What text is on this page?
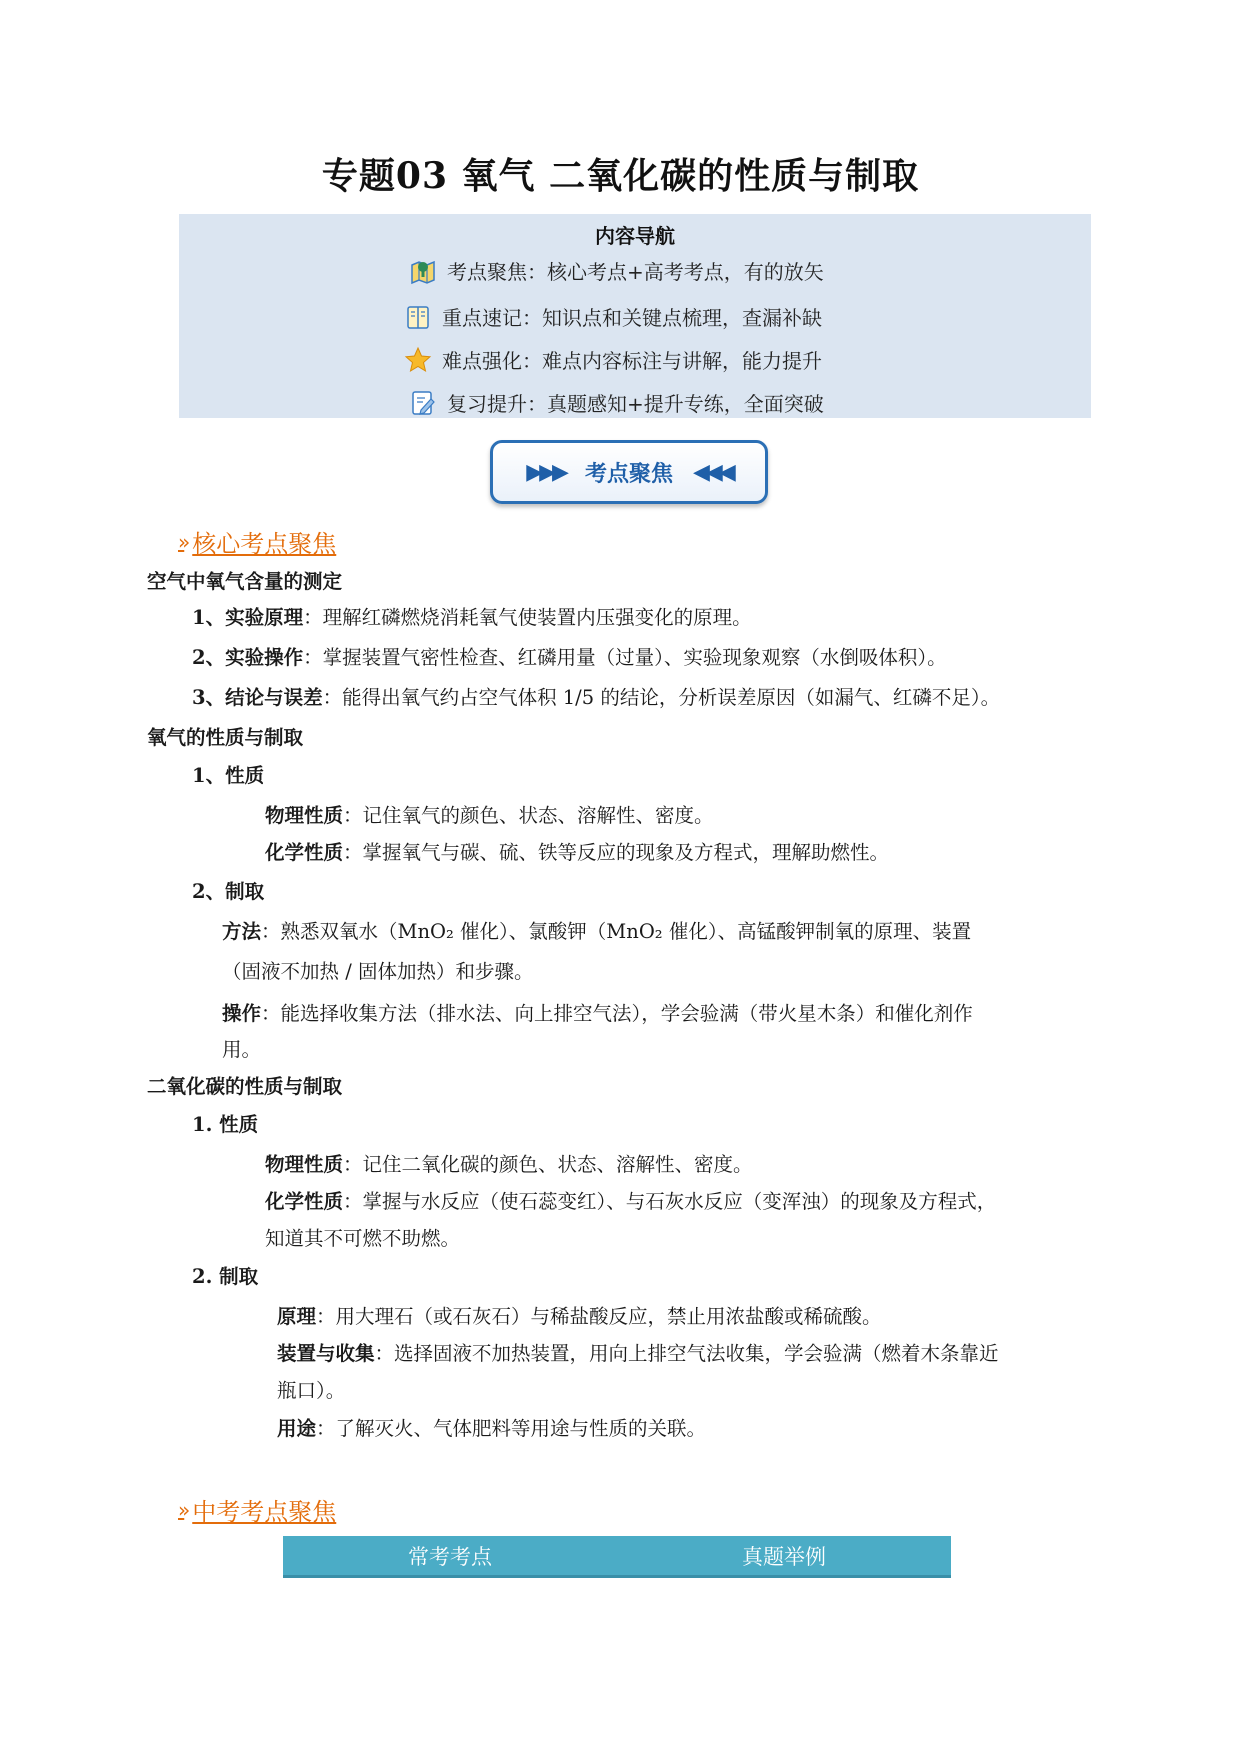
专题03 氧气 二氧化碳的性质与制取
内容导航
考点聚焦：核心考点+高考考点，有的放矢
重点速记：知识点和关键点梳理，查漏补缺
难点强化：难点内容标注与讲解，能力提升
复习提升：真题感知+提升专练，全面突破
▶▶▶ 考点聚焦 ◀◀◀
» 核心考点聚焦
空气中氧气含量的测定
1、实验原理：理解红磷燃烧消耗氧气使装置内压强变化的原理。
2、实验操作：掌握装置气密性检查、红磷用量（过量）、实验现象观察（水倒吸体积）。
3、结论与误差：能得出氧气约占空气体积 1/5 的结论，分析误差原因（如漏气、红磷不足）。
氧气的性质与制取
1、性质
物理性质：记住氧气的颜色、状态、溶解性、密度。
化学性质：掌握氧气与碳、硫、铁等反应的现象及方程式，理解助燃性。
2、制取
方法：熟悉双氧水（MnO₂ 催化）、氯酸钾（MnO₂ 催化）、高锰酸钾制氧的原理、装置
（固液不加热 / 固体加热）和步骤。
操作：能选择收集方法（排水法、向上排空气法），学会验满（带火星木条）和催化剂作
用。
二氧化碳的性质与制取
1. 性质
物理性质：记住二氧化碳的颜色、状态、溶解性、密度。
化学性质：掌握与水反应（使石蕊变红）、与石灰水反应（变浑浊）的现象及方程式，
知道其不可燃不助燃。
2. 制取
原理：用大理石（或石灰石）与稀盐酸反应，禁止用浓盐酸或稀硫酸。
装置与收集：选择固液不加热装置，用向上排空气法收集，学会验满（燃着木条靠近
瓶口）。
用途：了解灭火、气体肥料等用途与性质的关联。
» 中考考点聚焦
常考考点	真题举例
